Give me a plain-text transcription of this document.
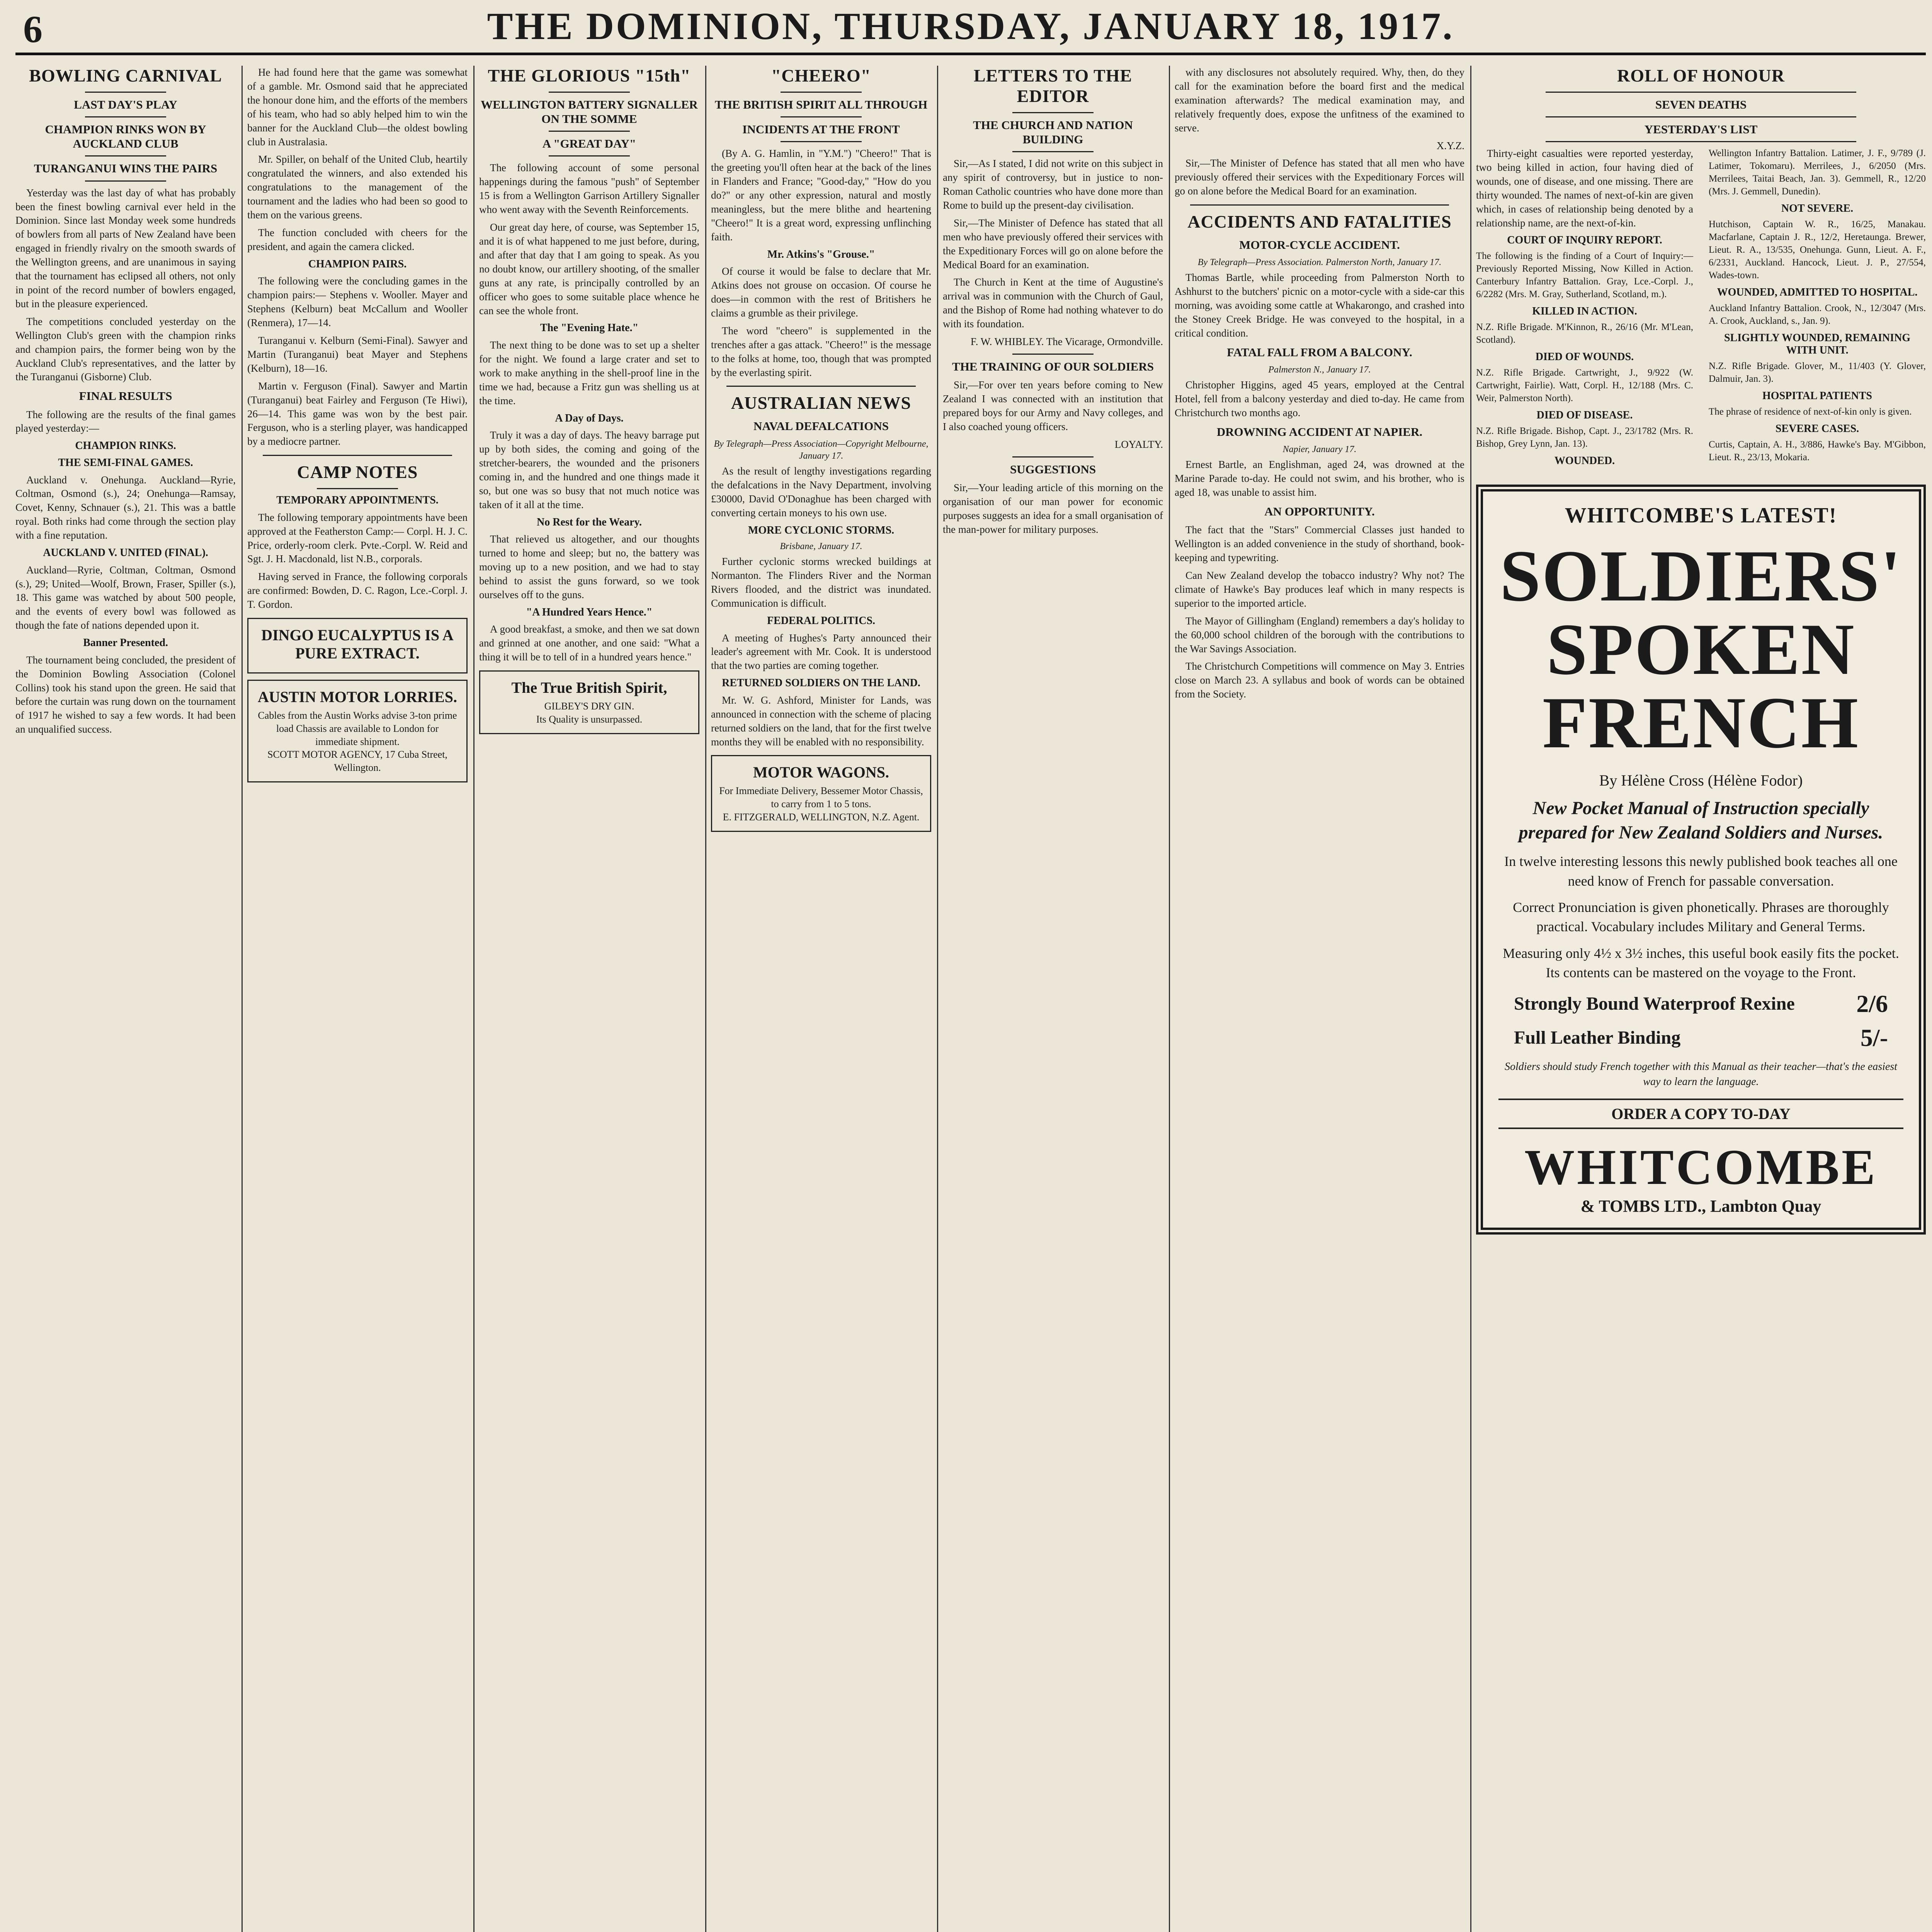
6	THE DOMINION, THURSDAY, JANUARY 18, 1917.
BOWLING CARNIVAL
LAST DAY'S PLAY
CHAMPION RINKS WON BY AUCKLAND CLUB
TURANGANUI WINS THE PAIRS

Yesterday was the last day of what has probably been the finest bowling carnival ever held in the Dominion. Since last Monday week some hundreds of bowlers from all parts of New Zealand have been engaged in friendly rivalry on the smooth swards of the Wellington greens, and are unanimous in saying that the tournament has eclipsed all others, not only in point of the record number of bowlers engaged, but in the pleasure experienced.

The competitions concluded yesterday on the Wellington Club's green with the champion rinks and champion pairs, the former being won by the Auckland Club's representatives, and the latter by the Turanganui (Gisborne) Club.

FINAL RESULTS

The following are the results of the final games played yesterday:—

CHAMPION RINKS.
THE SEMI-FINAL GAMES.

Auckland v. Onehunga. Auckland—Ryrie, Coltman, Osmond (s.), 24; Onehunga—Ramsay, Covet, Kenny, Schnauer (s.), 21. This was a battle royal. Both rinks had come through the section play with a fine reputation.

AUCKLAND V. UNITED (FINAL).

Auckland—Ryrie, Coltman, Coltman, Osmond (s.), 29; United—Woolf, Brown, Fraser, Spiller (s.), 18. This game was watched by about 500 people, and the events of every bowl was followed as though the fate of nations depended upon it.

Banner Presented.

The tournament being concluded, the president of the Dominion Bowling Association (Colonel Collins) took his stand upon the green. He said that before the curtain was rung down on the tournament of 1917 he wished to say a few words. It had been an unqualified success.

He had found here that the game was somewhat of a gamble. Mr. Osmond said that he appreciated the honour done him, and the efforts of the members of his team, who had so ably helped him to win the banner for the Auckland Club—the oldest bowling club in Australasia.

Mr. Spiller, on behalf of the United Club, heartily congratulated the winners, and also extended his congratulations to the management of the tournament and the ladies who had been so good to them on the various greens.

The function concluded with cheers for the president, and again the camera clicked.

CHAMPION PAIRS.

The following were the concluding games in the champion pairs:— Stephens v. Wooller. Mayer and Stephens (Kelburn) beat McCallum and Wooller (Renmera), 17—14.

Turanganui v. Kelburn (Semi-Final). Sawyer and Martin (Turanganui) beat Mayer and Stephens (Kelburn), 18—16.

Martin v. Ferguson (Final). Sawyer and Martin (Turanganui) beat Fairley and Ferguson (Te Hiwi), 26—14. This game was won by the best pair. Ferguson, who is a sterling player, was handicapped by a mediocre partner.

CAMP NOTES
TEMPORARY APPOINTMENTS.

The following temporary appointments have been approved at the Featherston Camp:— Corpl. H. J. C. Price, orderly-room clerk. Pvte.-Corpl. W. Reid and Sgt. J. H. Macdonald, list N.B., corporals.

Having served in France, the following corporals are confirmed: Bowden, D. C. Ragon, Lce.-Corpl. J. T. Gordon.

DINGO EUCALYPTUS IS A PURE EXTRACT.
AUSTIN MOTOR LORRIES.
Cables from the Austin Works advise 3-ton prime load Chassis are available to London for immediate shipment.
SCOTT MOTOR AGENCY, 17 Cuba Street, Wellington.
THE GLORIOUS "15th"
WELLINGTON BATTERY SIGNALLER ON THE SOMME
A "GREAT DAY"

The following account of some personal happenings during the famous "push" of September 15 is from a Wellington Garrison Artillery Signaller who went away with the Seventh Reinforcements.

Our great day here, of course, was September 15, and it is of what happened to me just before, during, and after that day that I am going to speak. As you no doubt know, our artillery shooting, of the smaller guns at any rate, is principally controlled by an officer who goes to some suitable place whence he can see the whole front.

The "Evening Hate."

The next thing to be done was to set up a shelter for the night. We found a large crater and set to work to make anything in the shell-proof line in the time we had, because a Fritz gun was shelling us at the time.

A Day of Days.

Truly it was a day of days. The heavy barrage put up by both sides, the coming and going of the stretcher-bearers, the wounded and the prisoners coming in, and the hundred and one things made it so, but one was so busy that not much notice was taken of it all at the time.

No Rest for the Weary.

That relieved us altogether, and our thoughts turned to home and sleep; but no, the battery was moving up to a new position, and we had to stay behind to assist the guns forward, so we took ourselves off to the guns.

"A Hundred Years Hence."

A good breakfast, a smoke, and then we sat down and grinned at one another, and one said: "What a thing it will be to tell of in a hundred years hence."

The True British Spirit,
GILBEY'S DRY GIN.
Its Quality is unsurpassed.
"CHEERO"
THE BRITISH SPIRIT ALL THROUGH
INCIDENTS AT THE FRONT

(By A. G. Hamlin, in "Y.M.") "Cheero!" That is the greeting you'll often hear at the back of the lines in Flanders and France; "Good-day," "How do you do?" or any other expression, natural and mostly meaningless, but the mere blithe and heartening "Cheero!" It is a great word, expressing unflinching faith.

Mr. Atkins's "Grouse."

Of course it would be false to declare that Mr. Atkins does not grouse on occasion. Of course he does—in common with the rest of Britishers he claims a grumble as their privilege.

The word "cheero" is supplemented in the trenches after a gas attack. "Cheero!" is the message to the folks at home, too, though that was prompted by the everlasting spirit.

AUSTRALIAN NEWS
NAVAL DEFALCATIONS

By Telegraph—Press Association—Copyright Melbourne, January 17.

As the result of lengthy investigations regarding the defalcations in the Navy Department, involving £30000, David O'Donaghue has been charged with converting certain moneys to his own use.

MORE CYCLONIC STORMS.

Brisbane, January 17.

Further cyclonic storms wrecked buildings at Normanton. The Flinders River and the Norman Rivers flooded, and the district was inundated. Communication is difficult.

FEDERAL POLITICS.

A meeting of Hughes's Party announced their leader's agreement with Mr. Cook. It is understood that the two parties are coming together.

RETURNED SOLDIERS ON THE LAND.

Mr. W. G. Ashford, Minister for Lands, was announced in connection with the scheme of placing returned soldiers on the land, that for the first twelve months they will be enabled with no responsibility.

MOTOR WAGONS.
For Immediate Delivery, Bessemer Motor Chassis, to carry from 1 to 5 tons.
E. FITZGERALD, WELLINGTON, N.Z. Agent.
LETTERS TO THE EDITOR
THE CHURCH AND NATION BUILDING

Sir,—As I stated, I did not write on this subject in any spirit of controversy, but in justice to non-Roman Catholic countries who have done more than Rome to build up the present-day civilisation.

Sir,—The Minister of Defence has stated that all men who have previously offered their services with the Expeditionary Forces will go on alone before the Medical Board for an examination.

The Church in Kent at the time of Augustine's arrival was in communion with the Church of Gaul, and the Bishop of Rome had nothing whatever to do with its foundation.

F. W. WHIBLEY. The Vicarage, Ormondville.

THE TRAINING OF OUR SOLDIERS

Sir,—For over ten years before coming to New Zealand I was connected with an institution that prepared boys for our Army and Navy colleges, and I also coached young officers.

LOYALTY.

SUGGESTIONS

Sir,—Your leading article of this morning on the organisation of our man power for economic purposes suggests an idea for a small organisation of the man-power for military purposes.

with any disclosures not absolutely required. Why, then, do they call for the examination before the board first and the medical examination afterwards? The medical examination may, and relatively frequently does, expose the unfitness of the examined to serve.

X.Y.Z.

Sir,—The Minister of Defence has stated that all men who have previously offered their services with the Expeditionary Forces will go on alone before the Medical Board for an examination.

ACCIDENTS AND FATALITIES
MOTOR-CYCLE ACCIDENT.

By Telegraph—Press Association. Palmerston North, January 17.

Thomas Bartle, while proceeding from Palmerston North to Ashhurst to the butchers' picnic on a motor-cycle with a side-car this morning, was avoiding some cattle at Whakarongo, and crashed into the Stoney Creek Bridge. He was conveyed to the hospital, in a critical condition.

FATAL FALL FROM A BALCONY.

Palmerston N., January 17.

Christopher Higgins, aged 45 years, employed at the Central Hotel, fell from a balcony yesterday and died to-day. He came from Christchurch two months ago.

DROWNING ACCIDENT AT NAPIER.

Napier, January 17.

Ernest Bartle, an Englishman, aged 24, was drowned at the Marine Parade to-day. He could not swim, and his brother, who is aged 18, was unable to assist him.

AN OPPORTUNITY.

The fact that the "Stars" Commercial Classes just handed to Wellington is an added convenience in the study of shorthand, book-keeping and typewriting.

Can New Zealand develop the tobacco industry? Why not? The climate of Hawke's Bay produces leaf which in many respects is superior to the imported article.

The Mayor of Gillingham (England) remembers a day's holiday to the 60,000 school children of the borough with the contributions to the War Savings Association.

The Christchurch Competitions will commence on May 3. Entries close on March 23. A syllabus and book of words can be obtained from the Society.

ROLL OF HONOUR
SEVEN DEATHS
YESTERDAY'S LIST

Thirty-eight casualties were reported yesterday, two being killed in action, four having died of wounds, one of disease, and one missing. There are thirty wounded. The names of next-of-kin are given which, in cases of relationship being denoted by a relationship name, are the next-of-kin.

COURT OF INQUIRY REPORT.
The following is the finding of a Court of Inquiry:— Previously Reported Missing, Now Killed in Action. Canterbury Infantry Battalion. Gray, Lce.-Corpl. J., 6/2282 (Mrs. M. Gray, Sutherland, Scotland, m.).
KILLED IN ACTION.
N.Z. Rifle Brigade. M'Kinnon, R., 26/16 (Mr. M'Lean, Scotland).
DIED OF WOUNDS.
N.Z. Rifle Brigade. Cartwright, J., 9/922 (W. Cartwright, Fairlie). Watt, Corpl. H., 12/188 (Mrs. C. Weir, Palmerston North).
DIED OF DISEASE.
N.Z. Rifle Brigade. Bishop, Capt. J., 23/1782 (Mrs. R. Bishop, Grey Lynn, Jan. 13).
WOUNDED.
Wellington Infantry Battalion. Latimer, J. F., 9/789 (J. Latimer, Tokomaru). Merrilees, J., 6/2050 (Mrs. Merrilees, Taitai Beach, Jan. 3). Gemmell, R., 12/20 (Mrs. J. Gemmell, Dunedin).
NOT SEVERE.
Hutchison, Captain W. R., 16/25, Manakau. Macfarlane, Captain J. R., 12/2, Heretaunga. Brewer, Lieut. R. A., 13/535, Onehunga. Gunn, Lieut. A. F., 6/2331, Auckland. Hancock, Lieut. J. P., 27/554, Wades-town.
WOUNDED, ADMITTED TO HOSPITAL.
Auckland Infantry Battalion. Crook, N., 12/3047 (Mrs. A. Crook, Auckland, s., Jan. 9).
SLIGHTLY WOUNDED, REMAINING WITH UNIT.
N.Z. Rifle Brigade. Glover, M., 11/403 (Y. Glover, Dalmuir, Jan. 3).
HOSPITAL PATIENTS
The phrase of residence of next-of-kin only is given.
SEVERE CASES.
Curtis, Captain, A. H., 3/886, Hawke's Bay. M'Gibbon, Lieut. R., 23/13, Mokaria.
WHITCOMBE'S LATEST!
SOLDIERS'
SPOKEN FRENCH
By Hélène Cross (Hélène Fodor)
New Pocket Manual of Instruction specially prepared for New Zealand Soldiers and Nurses.
In twelve interesting lessons this newly published book teaches all one need know of French for passable conversation.
Correct Pronunciation is given phonetically. Phrases are thoroughly practical. Vocabulary includes Military and General Terms.
Measuring only 4½ x 3½ inches, this useful book easily fits the pocket. Its contents can be mastered on the voyage to the Front.
Strongly Bound Waterproof Rexine 2/6
Full Leather Binding	5/-
Soldiers should study French together with this Manual as their teacher—that's the easiest way to learn the language.
ORDER A COPY TO-DAY
WHITCOMBE
& TOMBS LTD., Lambton Quay
